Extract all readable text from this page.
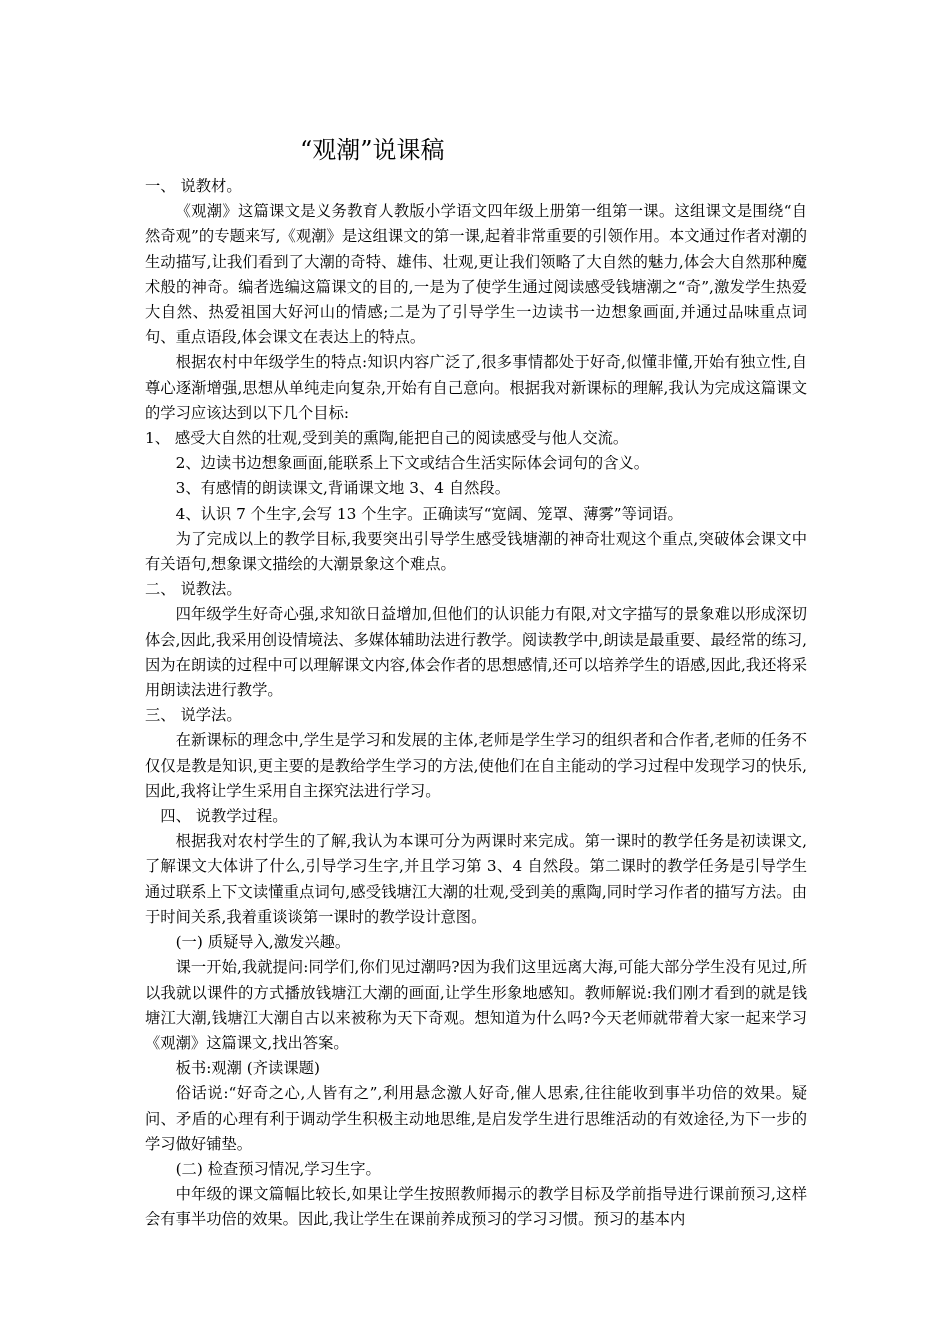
“观潮”说课稿

一、 说教材。

《观潮》这篇课文是义务教育人教版小学语文四年级上册第一组第一课。这组课文是围绕“自然奇观”的专题来写,《观潮》是这组课文的第一课,起着非常重要的引领作用。本文通过作者对潮的生动描写,让我们看到了大潮的奇特、雄伟、壮观,更让我们领略了大自然的魅力,体会大自然那种魔术般的神奇。编者选编这篇课文的目的,一是为了使学生通过阅读感受钱塘潮之“奇”,激发学生热爱大自然、热爱祖国大好河山的情感;二是为了引导学生一边读书一边想象画面,并通过品味重点词句、重点语段,体会课文在表达上的特点。

根据农村中年级学生的特点:知识内容广泛了,很多事情都处于好奇,似懂非懂,开始有独立性,自尊心逐渐增强,思想从单纯走向复杂,开始有自己意向。根据我对新课标的理解,我认为完成这篇课文的学习应该达到以下几个目标:

1、 感受大自然的壮观,受到美的熏陶,能把自己的阅读感受与他人交流。

2、边读书边想象画面,能联系上下文或结合生活实际体会词句的含义。

3、有感情的朗读课文,背诵课文地 3、4 自然段。

4、认识 7 个生字,会写 13 个生字。正确读写“宽阔、笼罩、薄雾”等词语。

为了完成以上的教学目标,我要突出引导学生感受钱塘潮的神奇壮观这个重点,突破体会课文中有关语句,想象课文描绘的大潮景象这个难点。

二、 说教法。

四年级学生好奇心强,求知欲日益增加,但他们的认识能力有限,对文字描写的景象难以形成深切体会,因此,我采用创设情境法、多媒体辅助法进行教学。阅读教学中,朗读是最重要、最经常的练习,因为在朗读的过程中可以理解课文内容,体会作者的思想感情,还可以培养学生的语感,因此,我还将采用朗读法进行教学。

三、 说学法。

在新课标的理念中,学生是学习和发展的主体,老师是学生学习的组织者和合作者,老师的任务不仅仅是教是知识,更主要的是教给学生学习的方法,使他们在自主能动的学习过程中发现学习的快乐,因此,我将让学生采用自主探究法进行学习。

四、 说教学过程。

根据我对农村学生的了解,我认为本课可分为两课时来完成。第一课时的教学任务是初读课文,了解课文大体讲了什么,引导学习生字,并且学习第 3、4 自然段。第二课时的教学任务是引导学生通过联系上下文读懂重点词句,感受钱塘江大潮的壮观,受到美的熏陶,同时学习作者的描写方法。由于时间关系,我着重谈谈第一课时的教学设计意图。

(一) 质疑导入,激发兴趣。

课一开始,我就提问:同学们,你们见过潮吗?因为我们这里远离大海,可能大部分学生没有见过,所以我就以课件的方式播放钱塘江大潮的画面,让学生形象地感知。教师解说:我们刚才看到的就是钱塘江大潮,钱塘江大潮自古以来被称为天下奇观。想知道为什么吗?今天老师就带着大家一起来学习《观潮》这篇课文,找出答案。

板书:观潮 (齐读课题)

俗话说:“好奇之心,人皆有之”,利用悬念激人好奇,催人思索,往往能收到事半功倍的效果。疑问、矛盾的心理有利于调动学生积极主动地思维,是启发学生进行思维活动的有效途径,为下一步的学习做好铺垫。

(二) 检查预习情况,学习生字。

中年级的课文篇幅比较长,如果让学生按照教师揭示的教学目标及学前指导进行课前预习,这样会有事半功倍的效果。因此,我让学生在课前养成预习的学习习惯。预习的基本内
